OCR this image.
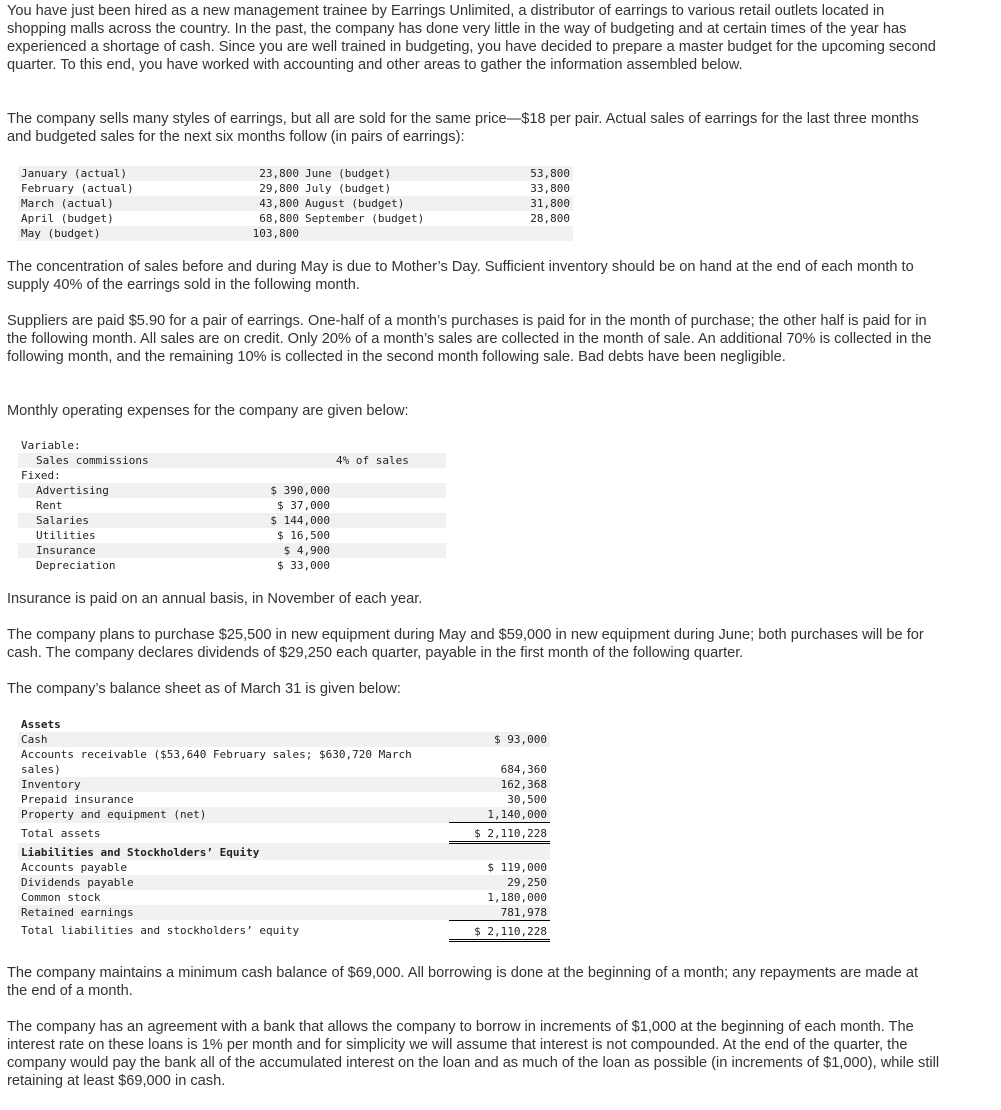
You have just been hired as a new management trainee by Earrings Unlimited, a distributor of earrings to various retail outlets located in shopping malls across the country. In the past, the company has done very little in the way of budgeting and at certain times of the year has experienced a shortage of cash. Since you are well trained in budgeting, you have decided to prepare a master budget for the upcoming second quarter. To this end, you have worked with accounting and other areas to gather the information assembled below.

The company sells many styles of earrings, but all are sold for the same price—$18 per pair. Actual sales of earrings for the last three months and budgeted sales for the next six months follow (in pairs of earrings):

January (actual)	23,800	June (budget)	53,800
February (actual)	29,800	July (budget)	33,800
March (actual)	43,800	August (budget)	31,800
April (budget)	68,800	September (budget)	28,800
May (budget)	103,800		

The concentration of sales before and during May is due to Mother’s Day. Sufficient inventory should be on hand at the end of each month to supply 40% of the earrings sold in the following month.

Suppliers are paid $5.90 for a pair of earrings. One-half of a month’s purchases is paid for in the month of purchase; the other half is paid for in the following month. All sales are on credit. Only 20% of a month’s sales are collected in the month of sale. An additional 70% is collected in the following month, and the remaining 10% is collected in the second month following sale. Bad debts have been negligible.

Monthly operating expenses for the company are given below:

Variable:		
Sales commissions		4% of sales
Fixed:		
Advertising	$ 390,000	
Rent	$ 37,000	
Salaries	$ 144,000	
Utilities	$ 16,500	
Insurance	$ 4,900	
Depreciation	$ 33,000	

Insurance is paid on an annual basis, in November of each year.

The company plans to purchase $25,500 in new equipment during May and $59,000 in new equipment during June; both purchases will be for cash. The company declares dividends of $29,250 each quarter, payable in the first month of the following quarter.

The company’s balance sheet as of March 31 is given below:

Assets	
Cash	$ 93,000
Accounts receivable ($53,640 February sales; $630,720 March sales)	684,360
Inventory	162,368
Prepaid insurance	30,500
Property and equipment (net)	1,140,000
Total assets	$ 2,110,228
Liabilities and Stockholders’ Equity	
Accounts payable	$ 119,000
Dividends payable	29,250
Common stock	1,180,000
Retained earnings	781,978
Total liabilities and stockholders’ equity	$ 2,110,228

The company maintains a minimum cash balance of $69,000. All borrowing is done at the beginning of a month; any repayments are made at the end of a month.

The company has an agreement with a bank that allows the company to borrow in increments of $1,000 at the beginning of each month. The interest rate on these loans is 1% per month and for simplicity we will assume that interest is not compounded. At the end of the quarter, the company would pay the bank all of the accumulated interest on the loan and as much of the loan as possible (in increments of $1,000), while still retaining at least $69,000 in cash.
